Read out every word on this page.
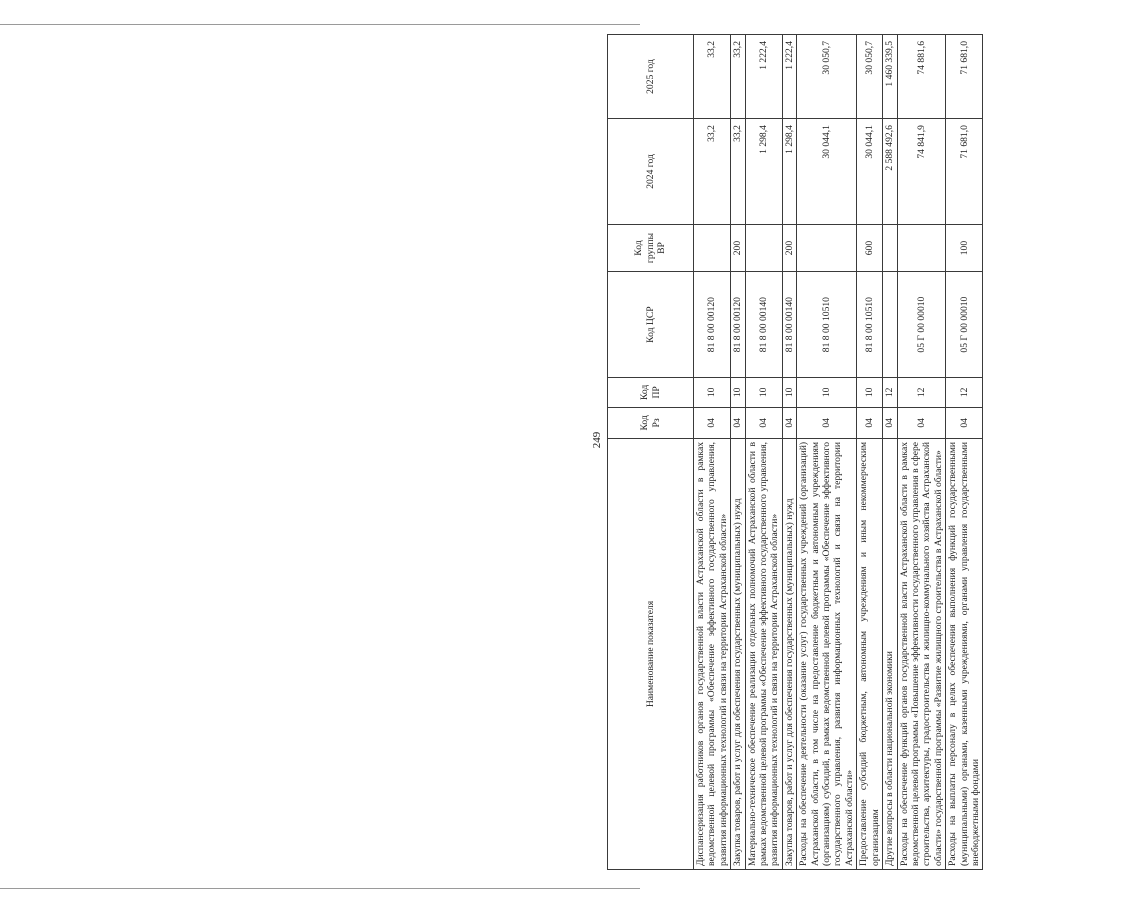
249
Наименование показателя	Код Рз	Код ПР	Код ЦСР	Код группы ВР	2024 год	2025 год
Диспансеризация работников органов государственной власти Астраханской области в рамках ведомственной целевой программы «Обеспечение эффективного государственного управления, развития информационных технологий и связи на территории Астраханской области»	04	10	81 8 00 00120		33,2	33,2
Закупка товаров, работ и услуг для обеспечения государственных (муниципальных) нужд	04	10	81 8 00 00120	200	33,2	33,2
Материально-техническое обеспечение реализации отдельных полномочий Астраханской области в рамках ведомственной целевой программы «Обеспечение эффективного государственного управления, развития информационных технологий и связи на территории Астраханской области»	04	10	81 8 00 00140		1 298,4	1 222,4
Закупка товаров, работ и услуг для обеспечения государственных (муниципальных) нужд	04	10	81 8 00 00140	200	1 298,4	1 222,4
Расходы на обеспечение деятельности (оказание услуг) государственных учреждений (организаций) Астраханской области, в том числе на предоставление бюджетным и автономным учреждениям (организациям) субсидий, в рамках ведомственной целевой программы «Обеспечение эффективного государственного управления, развития информационных технологий и связи на территории Астраханской области»	04	10	81 8 00 10510		30 044,1	30 050,7
Предоставление субсидий бюджетным, автономным учреждениям и иным некоммерческим организациям	04	10	81 8 00 10510	600	30 044,1	30 050,7
Другие вопросы в области национальной экономики	04	12			2 588 492,6	1 460 339,5
Расходы на обеспечение функций органов государственной власти Астраханской области в рамках ведомственной целевой программы «Повышение эффективности государственного управления в сфере строительства, архитектуры, градостроительства и жилищно-коммунального хозяйства Астраханской области» государственной программы «Развитие жилищного строительства в Астраханской области»	04	12	05 Г 00 00010		74 841,9	74 881,6
Расходы на выплаты персоналу в целях обеспечения выполнения функций государственными (муниципальными) органами, казенными учреждениями, органами управления государственными внебюджетными фондами	04	12	05 Г 00 00010	100	71 681,0	71 681,0
